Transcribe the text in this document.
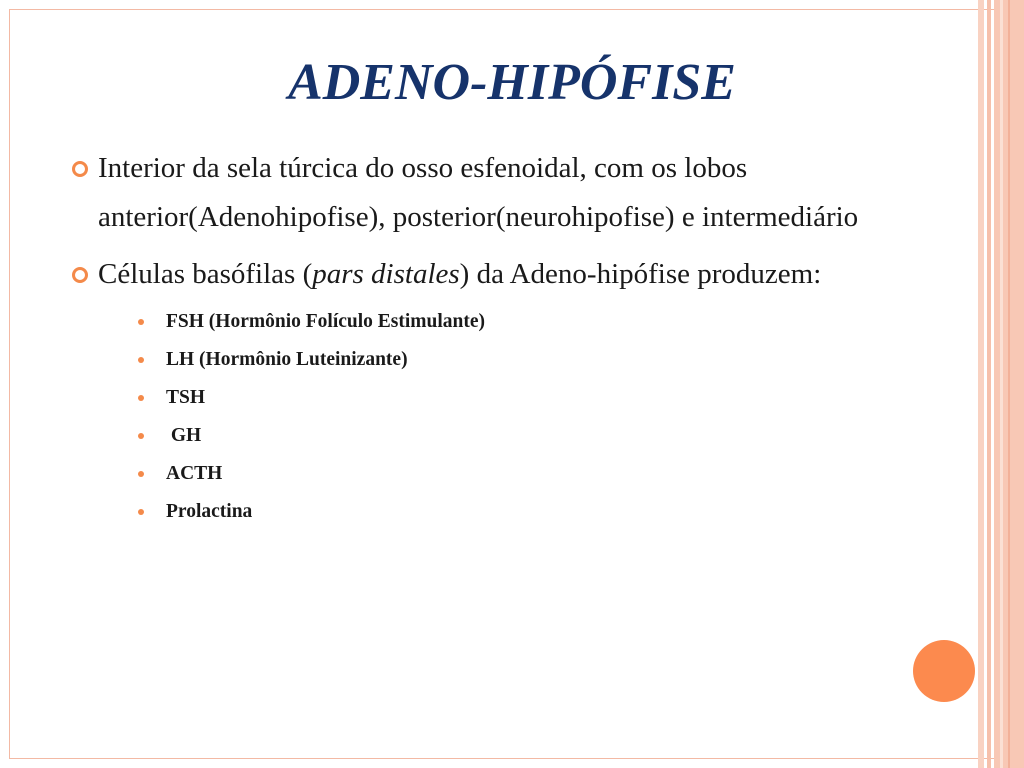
ADENO-HIPÓFISE

Interior da sela túrcica do osso esfenoidal, com os lobos anterior(Adenohipofise), posterior(neurohipofise) e intermediário

Células basófilas (pars distales) da Adeno-hipófise produzem:
FSH (Hormônio Folículo Estimulante)
LH (Hormônio Luteinizante)
TSH
GH
ACTH
Prolactina
